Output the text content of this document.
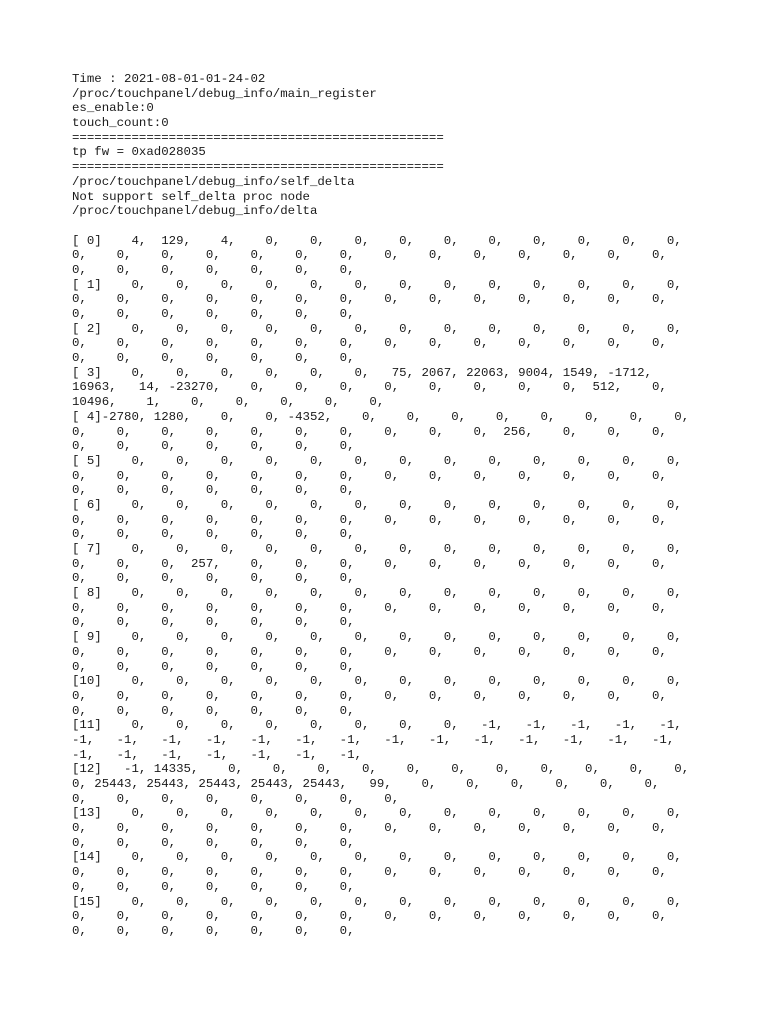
Time : 2021-08-01-01-24-02
/proc/touchpanel/debug_info/main_register
es_enable:0
touch_count:0
==================================================
tp fw = 0xad028035
==================================================
/proc/touchpanel/debug_info/self_delta
Not support self_delta proc node
/proc/touchpanel/debug_info/delta
[ 0]    4,  129,    4,    0,    0,    0,    0,    0,    0,    0,    0,    0,    0,
0,    0,    0,    0,    0,    0,    0,    0,    0,    0,    0,    0,    0,    0,
0,    0,    0,    0,    0,    0,    0,
[ 1]    0,    0,    0,    0,    0,    0,    0,    0,    0,    0,    0,    0,    0,
0,    0,    0,    0,    0,    0,    0,    0,    0,    0,    0,    0,    0,    0,
0,    0,    0,    0,    0,    0,    0,
[ 2]    0,    0,    0,    0,    0,    0,    0,    0,    0,    0,    0,    0,    0,
0,    0,    0,    0,    0,    0,    0,    0,    0,    0,    0,    0,    0,    0,
0,    0,    0,    0,    0,    0,    0,
[ 3]    0,    0,    0,    0,    0,    0,   75, 2067, 22063, 9004, 1549, -1712,
16963,   14, -23270,    0,    0,    0,    0,    0,    0,    0,    0,  512,    0,
10496,    1,    0,    0,    0,    0,    0,
[ 4]-2780, 1280,    0,    0, -4352,    0,    0,    0,    0,    0,    0,    0,    0,
0,    0,    0,    0,    0,    0,    0,    0,    0,    0,  256,    0,    0,    0,
0,    0,    0,    0,    0,    0,    0,
[ 5]    0,    0,    0,    0,    0,    0,    0,    0,    0,    0,    0,    0,    0,
0,    0,    0,    0,    0,    0,    0,    0,    0,    0,    0,    0,    0,    0,
0,    0,    0,    0,    0,    0,    0,
[ 6]    0,    0,    0,    0,    0,    0,    0,    0,    0,    0,    0,    0,    0,
0,    0,    0,    0,    0,    0,    0,    0,    0,    0,    0,    0,    0,    0,
0,    0,    0,    0,    0,    0,    0,
[ 7]    0,    0,    0,    0,    0,    0,    0,    0,    0,    0,    0,    0,    0,
0,    0,    0,  257,    0,    0,    0,    0,    0,    0,    0,    0,    0,    0,
0,    0,    0,    0,    0,    0,    0,
[ 8]    0,    0,    0,    0,    0,    0,    0,    0,    0,    0,    0,    0,    0,
0,    0,    0,    0,    0,    0,    0,    0,    0,    0,    0,    0,    0,    0,
0,    0,    0,    0,    0,    0,    0,
[ 9]    0,    0,    0,    0,    0,    0,    0,    0,    0,    0,    0,    0,    0,
0,    0,    0,    0,    0,    0,    0,    0,    0,    0,    0,    0,    0,    0,
0,    0,    0,    0,    0,    0,    0,
[10]    0,    0,    0,    0,    0,    0,    0,    0,    0,    0,    0,    0,    0,
0,    0,    0,    0,    0,    0,    0,    0,    0,    0,    0,    0,    0,    0,
0,    0,    0,    0,    0,    0,    0,
[11]    0,    0,    0,    0,    0,    0,    0,    0,   -1,   -1,   -1,   -1,   -1,
-1,   -1,   -1,   -1,   -1,   -1,   -1,   -1,   -1,   -1,   -1,   -1,   -1,   -1,
-1,   -1,   -1,   -1,   -1,   -1,   -1,
[12]   -1, 14335,    0,    0,    0,    0,    0,    0,    0,    0,    0,    0,    0,
0, 25443, 25443, 25443, 25443, 25443,   99,    0,    0,    0,    0,    0,    0,
0,    0,    0,    0,    0,    0,    0,    0,
[13]    0,    0,    0,    0,    0,    0,    0,    0,    0,    0,    0,    0,    0,
0,    0,    0,    0,    0,    0,    0,    0,    0,    0,    0,    0,    0,    0,
0,    0,    0,    0,    0,    0,    0,
[14]    0,    0,    0,    0,    0,    0,    0,    0,    0,    0,    0,    0,    0,
0,    0,    0,    0,    0,    0,    0,    0,    0,    0,    0,    0,    0,    0,
0,    0,    0,    0,    0,    0,    0,
[15]    0,    0,    0,    0,    0,    0,    0,    0,    0,    0,    0,    0,    0,
0,    0,    0,    0,    0,    0,    0,    0,    0,    0,    0,    0,    0,    0,
0,    0,    0,    0,    0,    0,    0,
